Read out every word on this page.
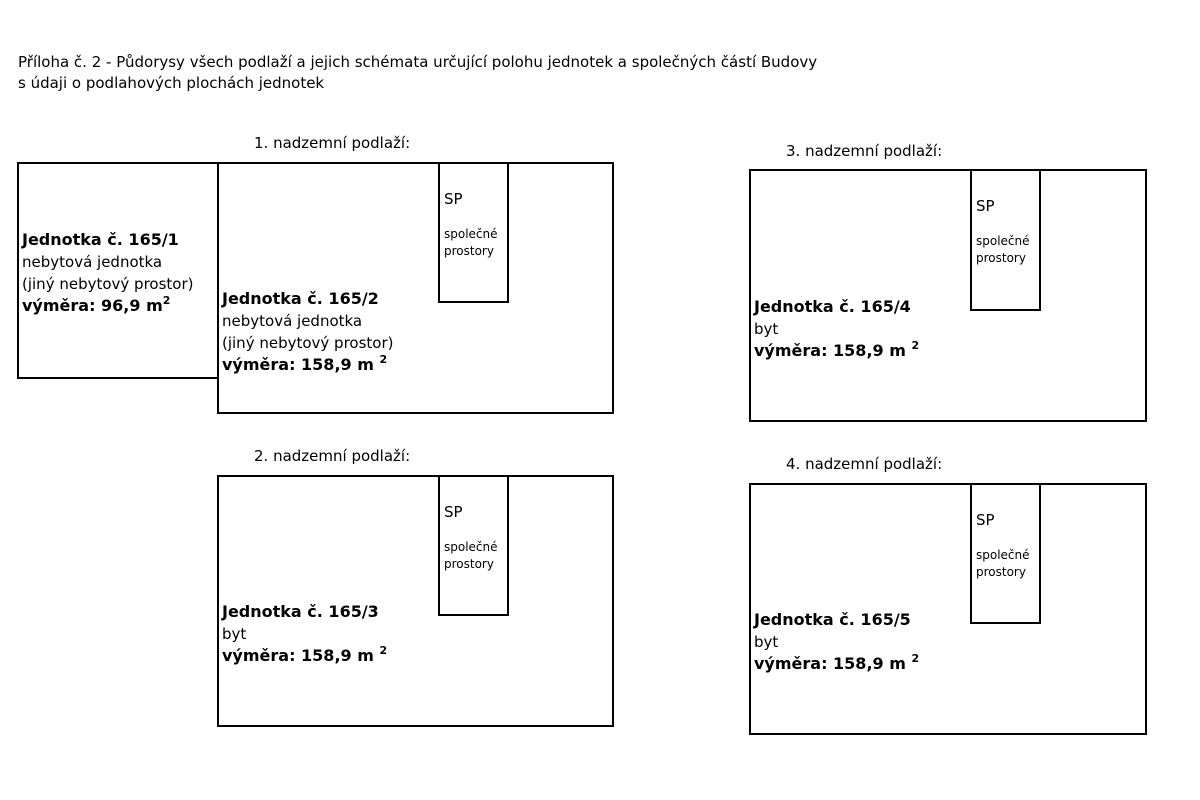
Příloha č. 2 - Půdorysy všech podlaží a jejich schémata určující polohu jednotek a společných částí Budovy
s údaji o podlahových plochách jednotek
1. nadzemní podlaží:
SP
společné
prostory
Jednotka č. 165/1
nebytová jednotka
(jiný nebytový prostor)
výměra: 96,9 $m^2$	Jednotka č. 165/2
nebytová jednotka
(jiný nebytový prostor)
výměra: 158,9 m $^2$
2. nadzemní podlaží:
SP
společné
prostory
Jednotka č. 165/3
byt
výměra: 158,9 m $^2$
3. nadzemní podlaží:
SP
společné
prostory
Jednotka č. 165/4
byt
výměra: 158,9 m $^2$
4. nadzemní podlaží:
SP
společné
prostory
Jednotka č. 165/5
byt
výměra: 158,9 m $^2$
